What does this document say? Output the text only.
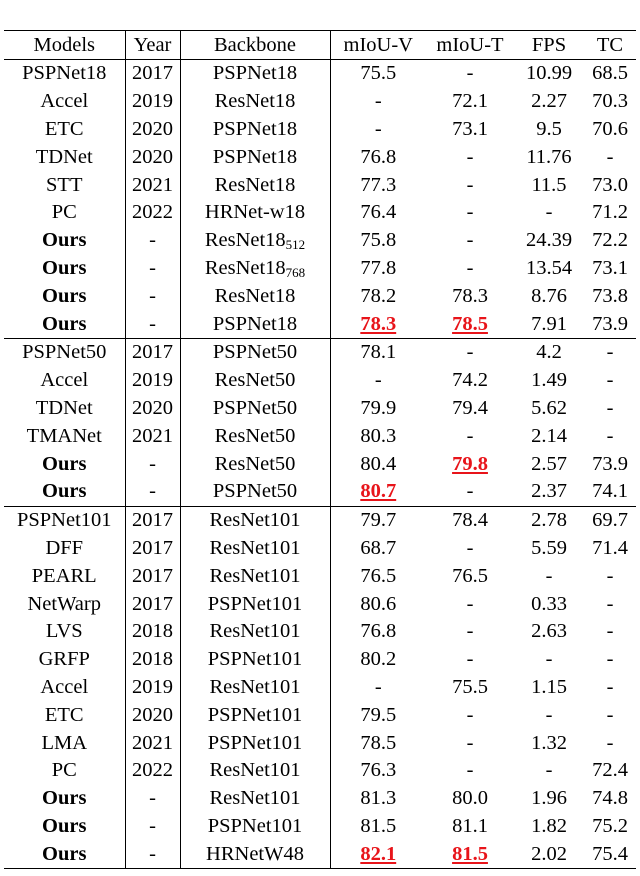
Models	Year	Backbone	mIoU-V	mIoU-T	FPS	TC
PSPNet18	2017	PSPNet18	75.5	-	10.99	68.5
Accel	2019	ResNet18	-	72.1	2.27	70.3
ETC	2020	PSPNet18	-	73.1	9.5	70.6
TDNet	2020	PSPNet18	76.8	-	11.76	-
STT	2021	ResNet18	77.3	-	11.5	73.0
PC	2022	HRNet-w18	76.4	-	-	71.2
Ours	-	$ResNet18_{512}$	75.8	-	24.39	72.2
Ours	-	$ResNet18_{768}$	77.8	-	13.54	73.1
Ours	-	ResNet18	78.2	78.3	8.76	73.8
Ours	-	PSPNet18	78.3	78.5	7.91	73.9
PSPNet50	2017	PSPNet50	78.1	-	4.2	-
Accel	2019	ResNet50	-	74.2	1.49	-
TDNet	2020	PSPNet50	79.9	79.4	5.62	-
TMANet	2021	ResNet50	80.3	-	2.14	-
Ours	-	ResNet50	80.4	79.8	2.57	73.9
Ours	-	PSPNet50	80.7	-	2.37	74.1
PSPNet101	2017	ResNet101	79.7	78.4	2.78	69.7
DFF	2017	ResNet101	68.7	-	5.59	71.4
PEARL	2017	ResNet101	76.5	76.5	-	-
NetWarp	2017	PSPNet101	80.6	-	0.33	-
LVS	2018	ResNet101	76.8	-	2.63	-
GRFP	2018	PSPNet101	80.2	-	-	-
Accel	2019	ResNet101	-	75.5	1.15	-
ETC	2020	PSPNet101	79.5	-	-	-
LMA	2021	PSPNet101	78.5	-	1.32	-
PC	2022	ResNet101	76.3	-	-	72.4
Ours	-	ResNet101	81.3	80.0	1.96	74.8
Ours	-	PSPNet101	81.5	81.1	1.82	75.2
Ours	-	HRNetW48	82.1	81.5	2.02	75.4
